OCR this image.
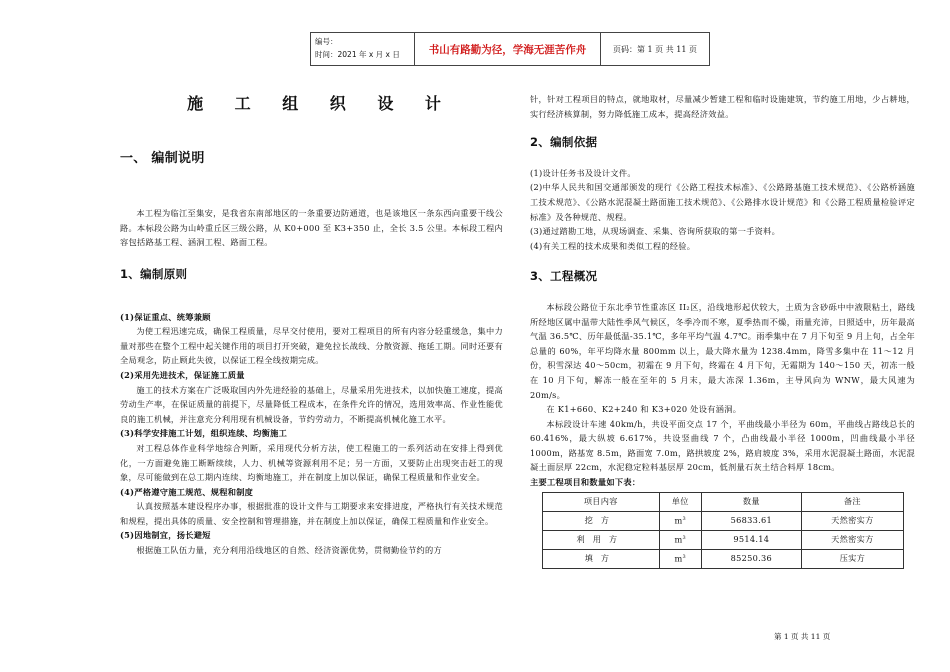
编号：
时间：2021 年 x 月 x 日	书山有路勤为径，学海无涯苦作舟	页码：第 1 页 共 11 页
施 工 组 织 设 计
一、 编制说明
本工程为临江至集安，是我省东南部地区的一条重要边防通道，也是该地区一条东西向重要干线公路。本标段公路为山岭重丘区三级公路，从 K0+000 至 K3+350 止，全长 3.5 公里。本标段工程内容包括路基工程、涵洞工程、路面工程。
1、编制原则
(1)保证重点、统筹兼顾
为使工程迅速完成，确保工程质量，尽早交付使用，要对工程项目的所有内容分轻重缓急，集中力量对那些在整个工程中起关键作用的项目打开突破，避免拉长战线、分散资源、拖延工期。同时还要有全局观念，防止顾此失彼，以保证工程全线按期完成。
(2)采用先进技术，保证施工质量
施工的技术方案在广泛吸取国内外先进经验的基础上，尽量采用先进技术，以加快施工速度，提高劳动生产率，在保证质量的前提下，尽量降低工程成本，在条件允许的情况，选用效率高、作业性能优良的施工机械，并注意充分利用现有机械设备，节约劳动力，不断提高机械化施工水平。
(3)科学安排施工计划，组织连续、均衡施工
对工程总体作业科学地综合判断，采用现代分析方法，使工程施工的一系列活动在安排上得到优化，一方面避免施工断断续续，人力、机械等资源利用不足；另一方面，又要防止出现突击赶工的现象，尽可能做到在总工期内连续、均衡地施工，并在制度上加以保证，确保工程质量和作业安全。
(4)严格遵守施工规范、规程和制度
认真按照基本建设程序办事，根据批准的设计文件与工期要求来安排进度，严格执行有关技术规范和规程，提出具体的质量、安全控制和管理措施，并在制度上加以保证，确保工程质量和作业安全。
(5)因地制宜，扬长避短
根据施工队伍力量，充分利用沿线地区的自然、经济资源优势，贯彻勤俭节约的方
针，针对工程项目的特点，就地取材，尽量减少暂建工程和临时设施建筑，节约施工用地，少占耕地，实行经济核算制，努力降低施工成本，提高经济效益。
2、编制依据
(1)设计任务书及设计文件。
(2)中华人民共和国交通部颁发的现行《公路工程技术标准》、《公路路基施工技术规范》、《公路桥涵施工技术规范》、《公路水泥混凝土路面施工技术规范》、《公路排水设计规范》和《公路工程质量检验评定标准》及各种规范、规程。
(3)通过踏勘工地，从现场调查、采集、咨询所获取的第一手资料。
(4)有关工程的技术成果和类似工程的经验。
3、工程概况
本标段公路位于东北季节性重冻区 II₂区，沿线地形起伏较大，土质为含砂砾中中液限粘土，路线所经地区属中温带大陆性季风气候区，冬季冷而不寒，夏季热而不燥，雨量充沛，日照适中，历年最高气温 36.5℃、历年最低温-35.1℃，多年平均气温 4.7℃。雨季集中在 7 月下旬至 9 月上旬，占全年总量的 60%，年平均降水量 800mm 以上，最大降水量为 1238.4mm，降雪多集中在 11～12 月份，积雪深达 40～50cm，初霜在 9 月下旬，终霜在 4 月下旬，无霜期为 140～150 天，初冻一般在 10 月下旬，解冻一般在至年的 5 月末，最大冻深 1.36m，主导风向为 WNW，最大风速为 20m/s。
在 K1+660、K2+240 和 K3+020 处设有涵洞。
本标段设计车速 40km/h，共设平面交点 17 个，平曲线最小半径为 60m，平曲线占路线总长的 60.416%，最大纵坡 6.617%，共设竖曲线 7 个，凸曲线最小半径 1000m，凹曲线最小半径 1000m，路基宽 8.5m，路面宽 7.0m，路拱坡度 2%，路肩坡度 3%，采用水泥混凝土路面，水泥混凝土面层厚 22cm，水泥稳定粒料基层厚 20cm，低剂量石灰土结合料厚 18cm。
主要工程项目和数量如下表：
项目内容	单位	数量	备注
挖方	$m^3$	56833.61	天然密实方
利用方	$m^3$	9514.14	天然密实方
填方	$m^3$	85250.36	压实方
第 1 页 共 11 页
